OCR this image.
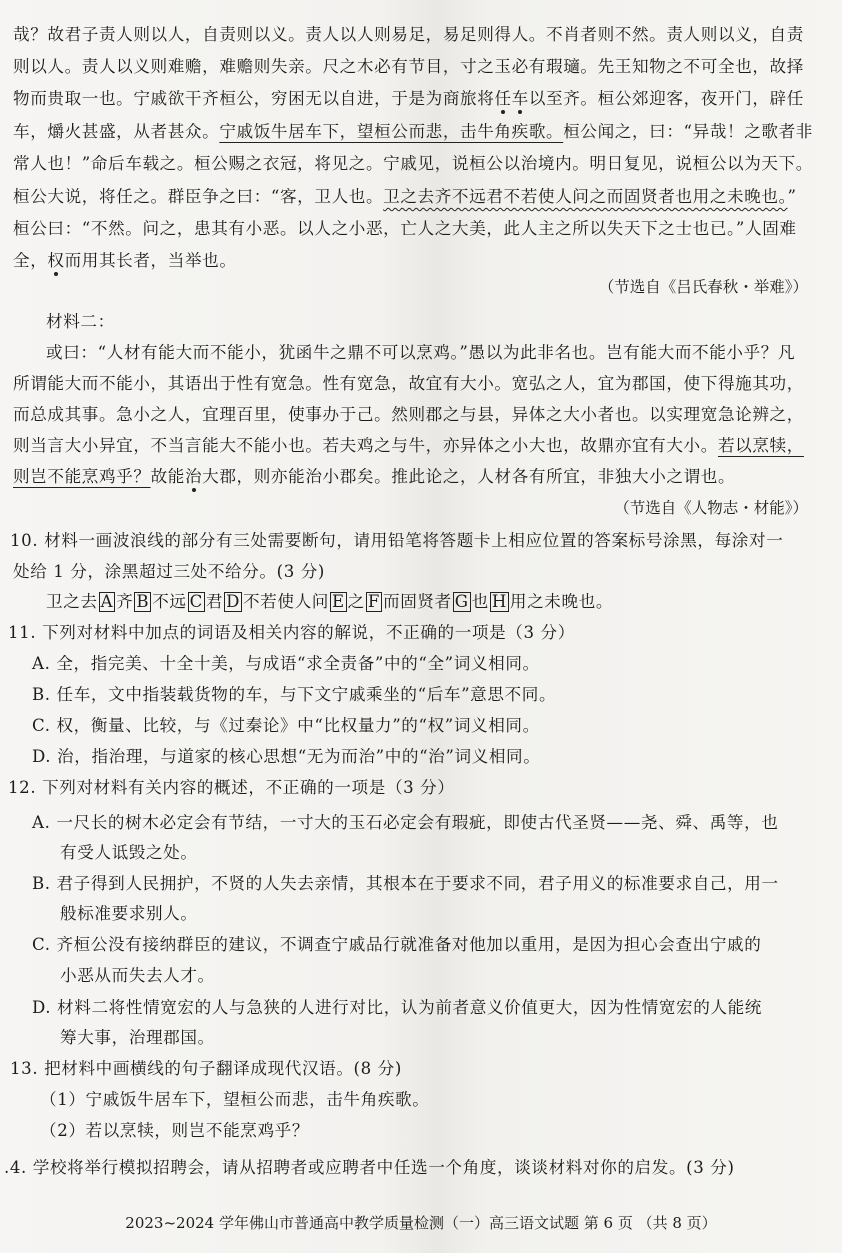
哉？故君子责人则以人，自责则以义。责人以人则易足，易足则得人。不肖者则不然。责人则以义，自责
则以人。责人以义则难赡，难赡则失亲。尺之木必有节目，寸之玉必有瑕瓋。先王知物之不可全也，故择
物而贵取一也。宁戚欲干齐桓公，穷困无以自进，于是为商旅将任车以至齐。桓公郊迎客，夜开门，辟任
车，爝火甚盛，从者甚众。宁戚饭牛居车下，望桓公而悲，击牛角疾歌。桓公闻之，曰：“异哉！之歌者非
常人也！”命后车载之。桓公赐之衣冠，将见之。宁戚见，说桓公以治境内。明日复见，说桓公以为天下。
桓公大说，将任之。群臣争之曰：“客，卫人也。卫之去齐不远君不若使人问之而固贤者也用之未晚也。”
桓公曰：“不然。问之，患其有小恶。以人之小恶，亡人之大美，此人主之所以失天下之士也已。”人固难
全，权而用其长者，当举也。
（节选自《吕氏春秋・举难》）
材料二：
或曰：“人材有能大而不能小，犹函牛之鼎不可以烹鸡。”愚以为此非名也。岂有能大而不能小乎？凡
所谓能大而不能小，其语出于性有宽急。性有宽急，故宜有大小。宽弘之人，宜为郡国，使下得施其功，
而总成其事。急小之人，宜理百里，使事办于己。然则郡之与县，异体之大小者也。以实理宽急论辨之，
则当言大小异宜，不当言能大不能小也。若夫鸡之与牛，亦异体之小大也，故鼎亦宜有大小。若以烹犊，
则岂不能烹鸡乎？故能治大郡，则亦能治小郡矣。推此论之，人材各有所宜，非独大小之谓也。
（节选自《人物志・材能》）
10. 材料一画波浪线的部分有三处需要断句，请用铅笔将答题卡上相应位置的答案标号涂黑，每涂对一
处给 1 分，涂黑超过三处不给分。(3 分)
卫之去 A 齐 B 不远 C 君 D 不若使人问 E 之 F 而固贤者 G 也 H 用之未晚也。
11. 下列对材料中加点的词语及相关内容的解说，不正确的一项是（3 分）
A. 全，指完美、十全十美，与成语“求全责备”中的“全”词义相同。
B. 任车，文中指装载货物的车，与下文宁戚乘坐的“后车”意思不同。
C. 权，衡量、比较，与《过秦论》中“比权量力”的“权”词义相同。
D. 治，指治理，与道家的核心思想“无为而治”中的“治”词义相同。
12. 下列对材料有关内容的概述，不正确的一项是（3 分）
A. 一尺长的树木必定会有节结，一寸大的玉石必定会有瑕疵，即使古代圣贤——尧、舜、禹等，也
有受人诋毁之处。
B. 君子得到人民拥护，不贤的人失去亲情，其根本在于要求不同，君子用义的标准要求自己，用一
般标准要求别人。
C. 齐桓公没有接纳群臣的建议，不调查宁戚品行就准备对他加以重用，是因为担心会查出宁戚的
小恶从而失去人才。
D. 材料二将性情宽宏的人与急狭的人进行对比，认为前者意义价值更大，因为性情宽宏的人能统
筹大事，治理郡国。
13. 把材料中画横线的句子翻译成现代汉语。(8 分)
（1）宁戚饭牛居车下，望桓公而悲，击牛角疾歌。
（2）若以烹犊，则岂不能烹鸡乎？
.4. 学校将举行模拟招聘会，请从招聘者或应聘者中任选一个角度，谈谈材料对你的启发。(3 分)
2023~2024 学年佛山市普通高中教学质量检测（一）高三语文试题 第 6 页 （共 8 页）
